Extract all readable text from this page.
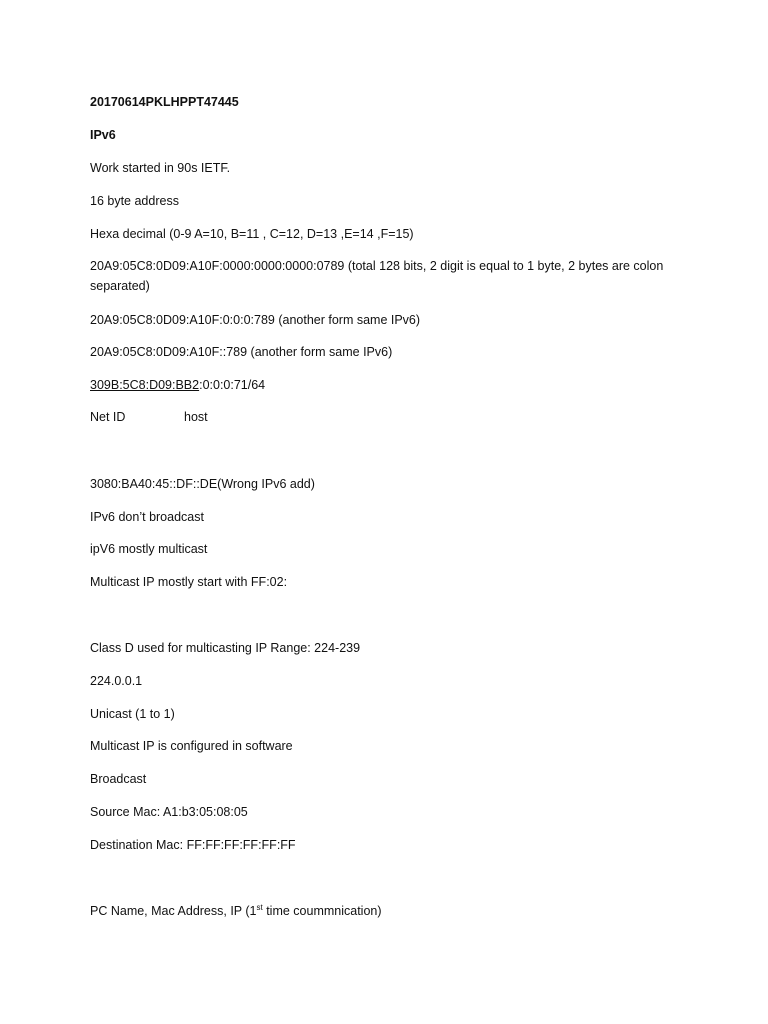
20170614PKLHPPT47445
IPv6
Work started in 90s IETF.
16 byte address
Hexa decimal (0-9 A=10, B=11 , C=12, D=13 ,E=14 ,F=15)
20A9:05C8:0D09:A10F:0000:0000:0000:0789 (total 128 bits, 2 digit is equal to 1 byte, 2 bytes are colon separated)
20A9:05C8:0D09:A10F:0:0:0:789 (another form same IPv6)
20A9:05C8:0D09:A10F::789 (another form same IPv6)
309B:5C8:D09:BB2:0:0:0:71/64
Net ID	host
3080:BA40:45::DF::DE(Wrong IPv6 add)
IPv6 don’t broadcast
ipV6 mostly multicast
Multicast IP mostly start with FF:02:
Class D used for multicasting IP Range: 224-239
224.0.0.1
Unicast (1 to 1)
Multicast IP is configured in software
Broadcast
Source Mac: A1:b3:05:08:05
Destination Mac: FF:FF:FF:FF:FF:FF
PC Name, Mac Address, IP (1st time coummnication)
